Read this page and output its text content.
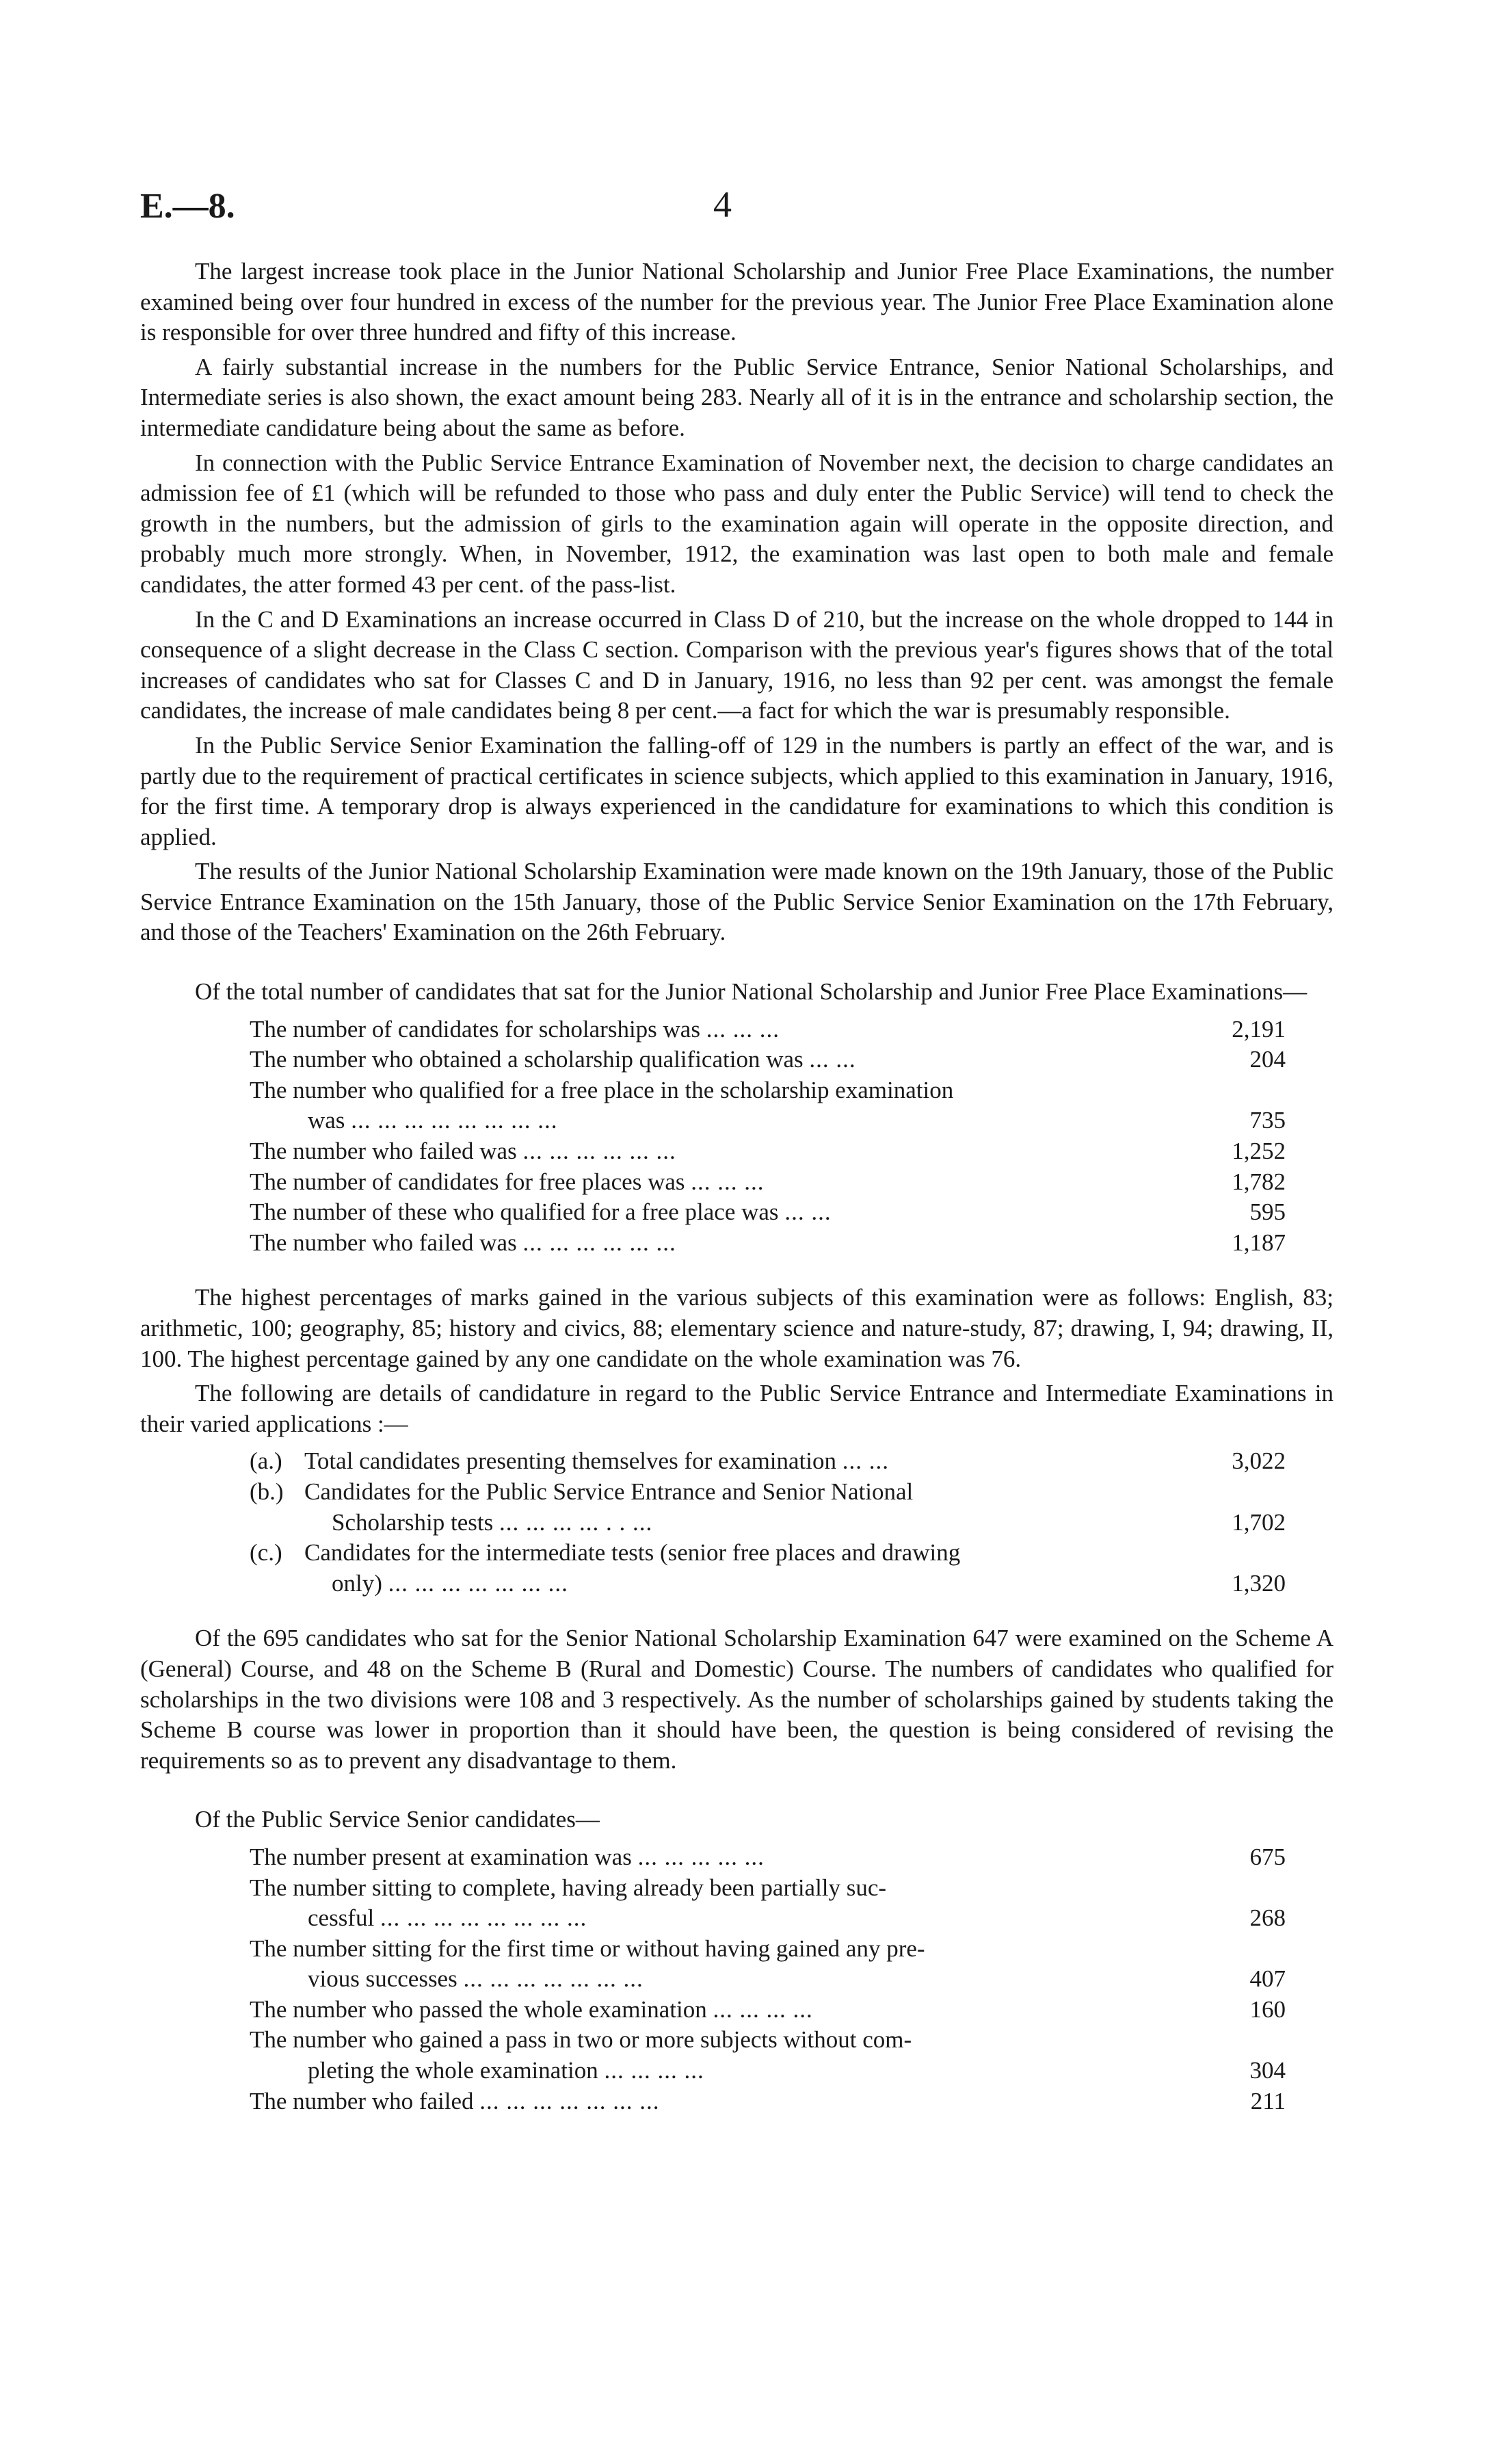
E.—8.	4

The largest increase took place in the Junior National Scholarship and Junior Free Place Examinations, the number examined being over four hundred in excess of the number for the previous year. The Junior Free Place Examination alone is responsible for over three hundred and fifty of this increase.

A fairly substantial increase in the numbers for the Public Service Entrance, Senior National Scholarships, and Intermediate series is also shown, the exact amount being 283. Nearly all of it is in the entrance and scholarship section, the intermediate candidature being about the same as before.

In connection with the Public Service Entrance Examination of November next, the decision to charge candidates an admission fee of £1 (which will be refunded to those who pass and duly enter the Public Service) will tend to check the growth in the numbers, but the admission of girls to the examination again will operate in the opposite direction, and probably much more strongly. When, in November, 1912, the examination was last open to both male and female candidates, the atter formed 43 per cent. of the pass-list.

In the C and D Examinations an increase occurred in Class D of 210, but the increase on the whole dropped to 144 in consequence of a slight decrease in the Class C section. Comparison with the previous year's figures shows that of the total increases of candidates who sat for Classes C and D in January, 1916, no less than 92 per cent. was amongst the female candidates, the increase of male candidates being 8 per cent.—a fact for which the war is presumably responsible.

In the Public Service Senior Examination the falling-off of 129 in the numbers is partly an effect of the war, and is partly due to the requirement of practical certificates in science subjects, which applied to this examination in January, 1916, for the first time. A temporary drop is always experienced in the candidature for examinations to which this condition is applied.

The results of the Junior National Scholarship Examination were made known on the 19th January, those of the Public Service Entrance Examination on the 15th January, those of the Public Service Senior Examination on the 17th February, and those of the Teachers' Examination on the 26th February.

Of the total number of candidates that sat for the Junior National Scholarship and Junior Free Place Examinations—

The number of candidates for scholarships was ... ... ...	2,191
The number who obtained a scholarship qualification was ... ...	204
The number who qualified for a free place in the scholarship examination
was ... ... ... ... ... ... ... ...	735
The number who failed was ... ... ... ... ... ...	1,252
The number of candidates for free places was ... ... ...	1,782
The number of these who qualified for a free place was ... ...	595
The number who failed was ... ... ... ... ... ...	1,187

The highest percentages of marks gained in the various subjects of this examination were as follows: English, 83; arithmetic, 100; geography, 85; history and civics, 88; elementary science and nature-study, 87; drawing, I, 94; drawing, II, 100. The highest percentage gained by any one candidate on the whole examination was 76.

The following are details of candidature in regard to the Public Service Entrance and Intermediate Examinations in their varied applications :—

(a.) Total candidates presenting themselves for examination ... ...	3,022
(b.) Candidates for the Public Service Entrance and Senior National
Scholarship tests ... ... ... ... . . ...	1,702
(c.) Candidates for the intermediate tests (senior free places and drawing
only) ... ... ... ... ... ... ...	1,320

Of the 695 candidates who sat for the Senior National Scholarship Examination 647 were examined on the Scheme A (General) Course, and 48 on the Scheme B (Rural and Domestic) Course. The numbers of candidates who qualified for scholarships in the two divisions were 108 and 3 respectively. As the number of scholarships gained by students taking the Scheme B course was lower in proportion than it should have been, the question is being considered of revising the requirements so as to prevent any disadvantage to them.

Of the Public Service Senior candidates—

The number present at examination was ... ... ... ... ...	675
The number sitting to complete, having already been partially suc-
cessful ... ... ... ... ... ... ... ...	268
The number sitting for the first time or without having gained any pre-
vious successes ... ... ... ... ... ... ...	407
The number who passed the whole examination ... ... ... ...	160
The number who gained a pass in two or more subjects without com-
pleting the whole examination ... ... ... ...	304
The number who failed ... ... ... ... ... ... ...	211
